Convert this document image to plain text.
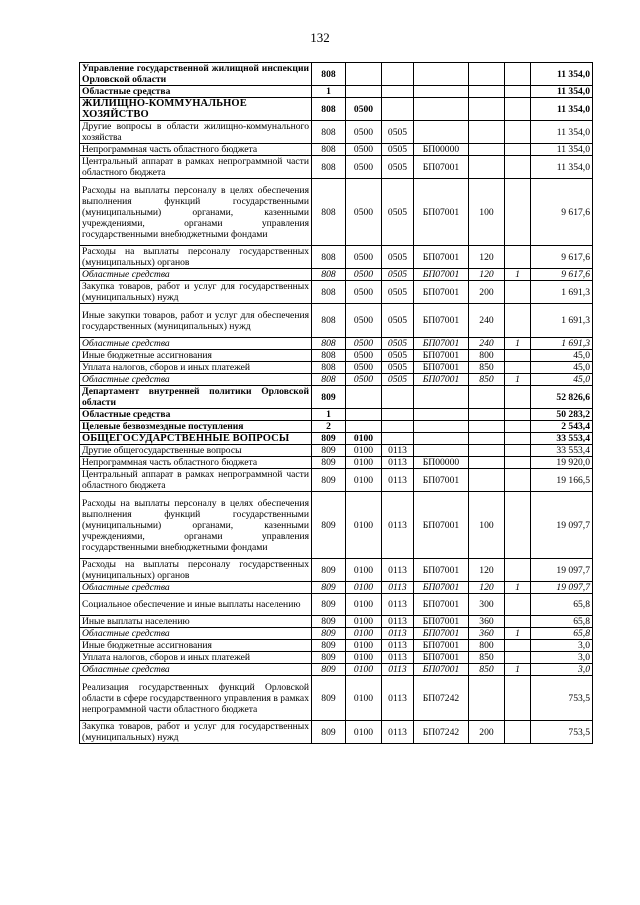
132
Управление государственной жилищной инспекции Орловской области	808						11 354,0
Областные средства	1						11 354,0
ЖИЛИЩНО-КОММУНАЛЬНОЕ ХОЗЯЙСТВО	808	0500					11 354,0
Другие вопросы в области жилищно-коммунального хозяйства	808	0500	0505				11 354,0
Непрограммная часть областного бюджета	808	0500	0505	БП00000			11 354,0
Центральный аппарат в рамках непрограммной части областного бюджета	808	0500	0505	БП07001			11 354,0
Расходы на выплаты персоналу в целях обеспечения выполнения функций государственными (муниципальными) органами, казенными учреждениями, органами управления государственными внебюджетными фондами	808	0500	0505	БП07001	100		9 617,6
Расходы на выплаты персоналу государственных (муниципальных) органов	808	0500	0505	БП07001	120		9 617,6
Областные средства	808	0500	0505	БП07001	120	1	9 617,6
Закупка товаров, работ и услуг для государственных (муниципальных) нужд	808	0500	0505	БП07001	200		1 691,3
Иные закупки товаров, работ и услуг для обеспечения государственных (муниципальных) нужд	808	0500	0505	БП07001	240		1 691,3
Областные средства	808	0500	0505	БП07001	240	1	1 691,3
Иные бюджетные ассигнования	808	0500	0505	БП07001	800		45,0
Уплата налогов, сборов и иных платежей	808	0500	0505	БП07001	850		45,0
Областные средства	808	0500	0505	БП07001	850	1	45,0
Департамент внутренней политики Орловской области	809						52 826,6
Областные средства	1						50 283,2
Целевые безвозмездные поступления	2						2 543,4
ОБЩЕГОСУДАРСТВЕННЫЕ ВОПРОСЫ	809	0100					33 553,4
Другие общегосударственные вопросы	809	0100	0113				33 553,4
Непрограммная часть областного бюджета	809	0100	0113	БП00000			19 920,0
Центральный аппарат в рамках непрограммной части областного бюджета	809	0100	0113	БП07001			19 166,5
Расходы на выплаты персоналу в целях обеспечения выполнения функций государственными (муниципальными) органами, казенными учреждениями, органами управления государственными внебюджетными фондами	809	0100	0113	БП07001	100		19 097,7
Расходы на выплаты персоналу государственных (муниципальных) органов	809	0100	0113	БП07001	120		19 097,7
Областные средства	809	0100	0113	БП07001	120	1	19 097,7
Социальное обеспечение и иные выплаты населению	809	0100	0113	БП07001	300		65,8
Иные выплаты населению	809	0100	0113	БП07001	360		65,8
Областные средства	809	0100	0113	БП07001	360	1	65,8
Иные бюджетные ассигнования	809	0100	0113	БП07001	800		3,0
Уплата налогов, сборов и иных платежей	809	0100	0113	БП07001	850		3,0
Областные средства	809	0100	0113	БП07001	850	1	3,0
Реализация государственных функций Орловской области в сфере государственного управления в рамках непрограммной части областного бюджета	809	0100	0113	БП07242			753,5
Закупка товаров, работ и услуг для государственных (муниципальных) нужд	809	0100	0113	БП07242	200		753,5
